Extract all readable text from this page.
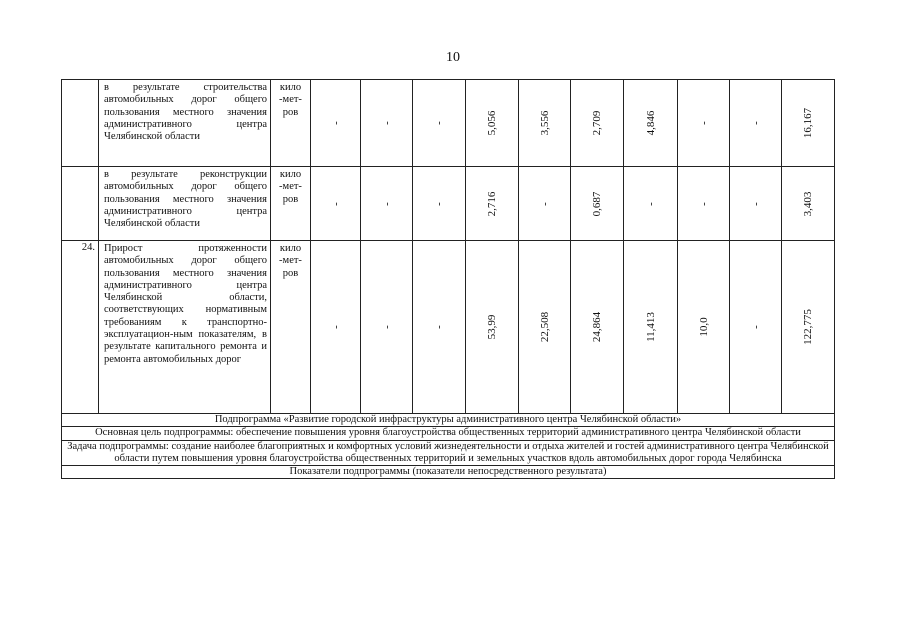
10
	в результате строительства автомобильных дорог общего пользования местного значения административного центра Челябинской области	кило-мет-ров	-	-	-	5,056	3,556	2,709	4,846	-	-	16,167

	в результате реконструкции автомобильных дорог общего пользования местного значения административного центра Челябинской области	кило-мет-ров	-	-	-	2,716	-	0,687	-	-	-	3,403

24.	Прирост протяженности автомобильных дорог общего пользования местного значения административного центра Челябинской области, соответствующих нормативным требованиям к транспортно-эксплуатацион-ным показателям, в результате капитального ремонта и ремонта автомобильных дорог	кило-мет-ров	-	-	-	53,99	22,508	24,864	11,413	10,0	-	122,775

Подпрограмма «Развитие городской инфраструктуры административного центра Челябинской области»												
Основная цель подпрограммы: обеспечение повышения уровня благоустройства общественных территорий административного центра Челябинской области												
Задача подпрограммы: создание наиболее благоприятных и комфортных условий жизнедеятельности и отдыха жителей и гостей административного центра Челябинской области путем повышения уровня благоустройства общественных территорий и земельных участков вдоль автомобильных дорог города Челябинска												
Показатели подпрограммы (показатели непосредственного результата)												
